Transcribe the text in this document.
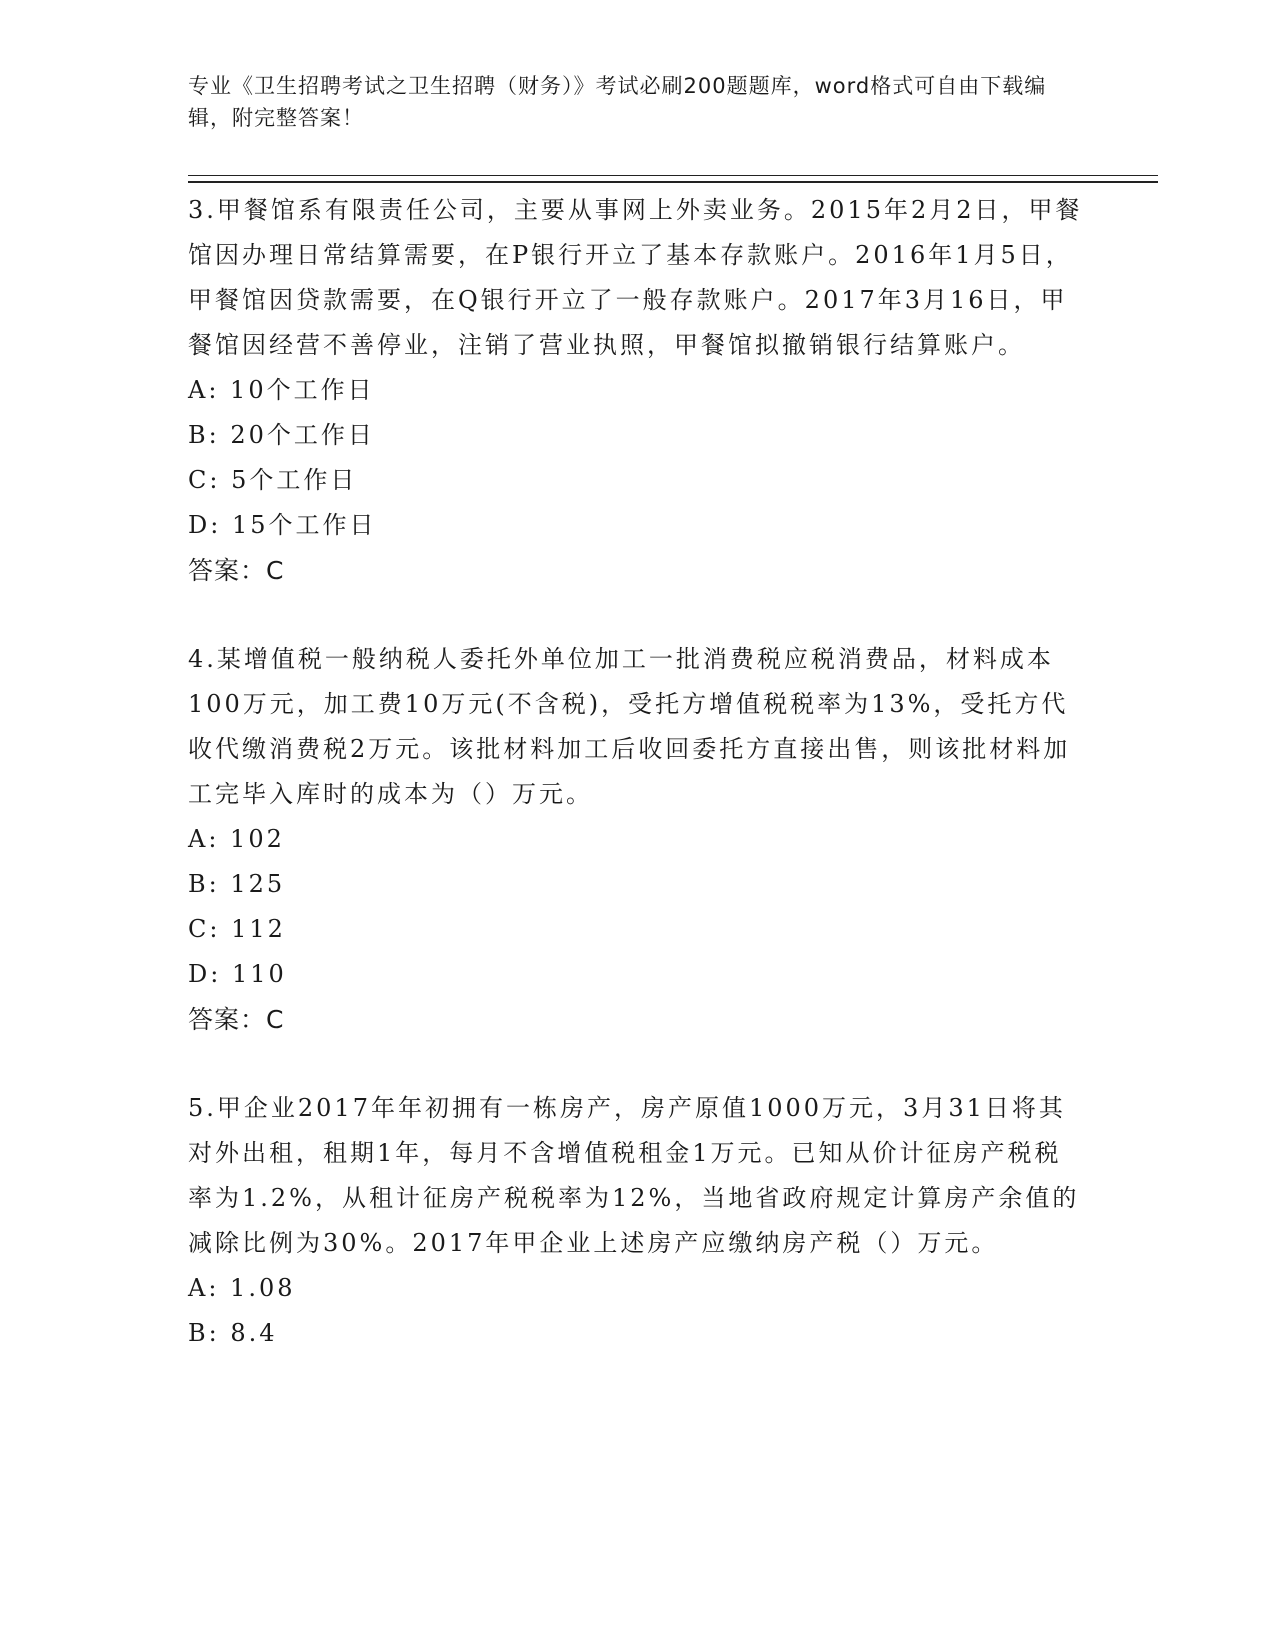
专业《卫生招聘考试之卫生招聘（财务）》考试必刷200题题库，word格式可自由下载编辑，附完整答案！

3.甲餐馆系有限责任公司，主要从事网上外卖业务。2015年2月2日，甲餐馆因办理日常结算需要，在P银行开立了基本存款账户。2016年1月5日，甲餐馆因贷款需要，在Q银行开立了一般存款账户。2017年3月16日，甲餐馆因经营不善停业，注销了营业执照，甲餐馆拟撤销银行结算账户。

A: 10个工作日

B: 20个工作日

C: 5个工作日

D: 15个工作日

答案：C

4.某增值税一般纳税人委托外单位加工一批消费税应税消费品，材料成本100万元，加工费10万元(不含税)，受托方增值税税率为13%，受托方代收代缴消费税2万元。该批材料加工后收回委托方直接出售，则该批材料加工完毕入库时的成本为（）万元。

A: 102

B: 125

C: 112

D: 110

答案：C

5.甲企业2017年年初拥有一栋房产，房产原值1000万元，3月31日将其对外出租，租期1年，每月不含增值税租金1万元。已知从价计征房产税税率为1.2%，从租计征房产税税率为12%，当地省政府规定计算房产余值的减除比例为30%。2017年甲企业上述房产应缴纳房产税（）万元。

A: 1.08

B: 8.4
